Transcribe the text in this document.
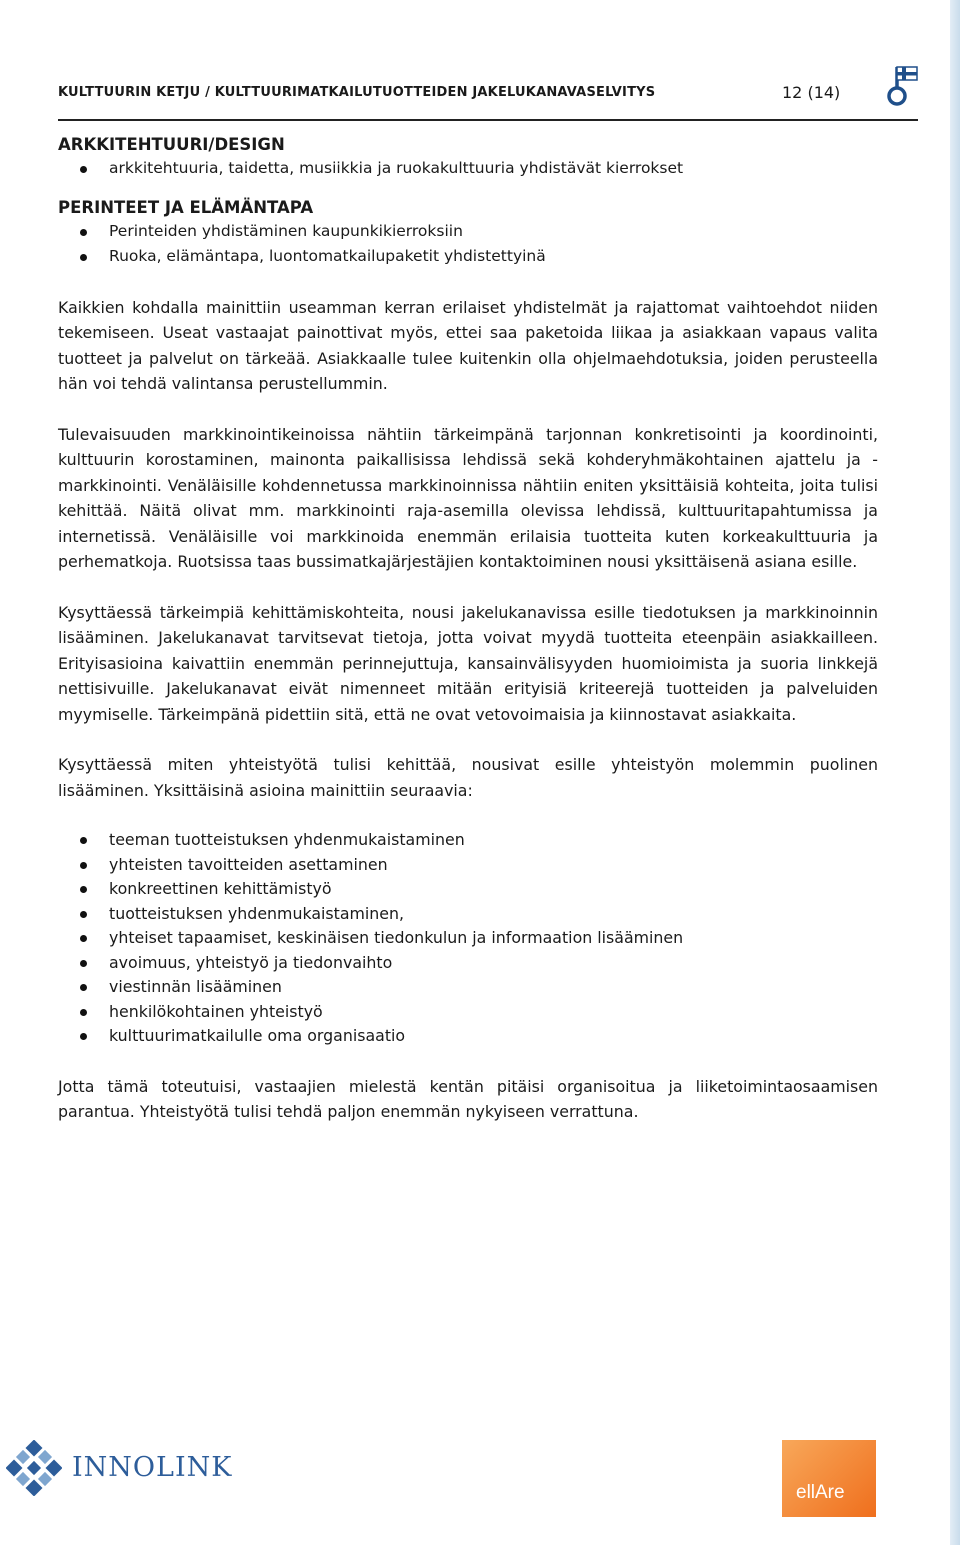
KULTTUURIN KETJU / KULTTUURIMATKAILUTUOTTEIDEN JAKELUKANAVASELVITYS	12 (14)
ARKKITEHTUURI/DESIGN
arkkitehtuuria, taidetta, musiikkia ja ruokakulttuuria yhdistävät kierrokset
PERINTEET JA ELÄMÄNTAPA
Perinteiden yhdistäminen kaupunkikierroksiin
Ruoka, elämäntapa, luontomatkailupaketit yhdistettyinä

Kaikkien kohdalla mainittiin useamman kerran erilaiset yhdistelmät ja rajattomat vaihtoehdot niiden tekemiseen. Useat vastaajat painottivat myös, ettei saa paketoida liikaa ja asiakkaan vapaus valita tuotteet ja palvelut on tärkeää. Asiakkaalle tulee kuitenkin olla ohjelmaehdotuksia, joiden perusteella hän voi tehdä valintansa perustellummin.

Tulevaisuuden markkinointikeinoissa nähtiin tärkeimpänä tarjonnan konkretisointi ja koordinointi, kulttuurin korostaminen, mainonta paikallisissa lehdissä sekä kohderyhmäkohtainen ajattelu ja -markkinointi. Venäläisille kohdennetussa markkinoinnissa nähtiin eniten yksittäisiä kohteita, joita tulisi kehittää. Näitä olivat mm. markkinointi raja-asemilla olevissa lehdissä, kulttuuritapahtumissa ja internetissä. Venäläisille voi markkinoida enemmän erilaisia tuotteita kuten korkeakulttuuria ja perhematkoja. Ruotsissa taas bussimatkajärjestäjien kontaktoiminen nousi yksittäisenä asiana esille.

Kysyttäessä tärkeimpiä kehittämiskohteita, nousi jakelukanavissa esille tiedotuksen ja markkinoinnin lisääminen. Jakelukanavat tarvitsevat tietoja, jotta voivat myydä tuotteita eteenpäin asiakkailleen. Erityisasioina kaivattiin enemmän perinnejuttuja, kansainvälisyyden huomioimista ja suoria linkkejä nettisivuille. Jakelukanavat eivät nimenneet mitään erityisiä kriteerejä tuotteiden ja palveluiden myymiselle. Tärkeimpänä pidettiin sitä, että ne ovat vetovoimaisia ja kiinnostavat asiakkaita.

Kysyttäessä miten yhteistyötä tulisi kehittää, nousivat esille yhteistyön molemmin puolinen lisääminen. Yksittäisinä asioina mainittiin seuraavia:

teeman tuotteistuksen yhdenmukaistaminen
yhteisten tavoitteiden asettaminen
konkreettinen kehittämistyö
tuotteistuksen yhdenmukaistaminen,
yhteiset tapaamiset, keskinäisen tiedonkulun ja informaation lisääminen
avoimuus, yhteistyö ja tiedonvaihto
viestinnän lisääminen
henkilökohtainen yhteistyö
kulttuurimatkailulle oma organisaatio

Jotta tämä toteutuisi, vastaajien mielestä kentän pitäisi organisoitua ja liiketoimintaosaamisen parantua. Yhteistyötä tulisi tehdä paljon enemmän nykyiseen verrattuna.

INNOLINK
ellAre
